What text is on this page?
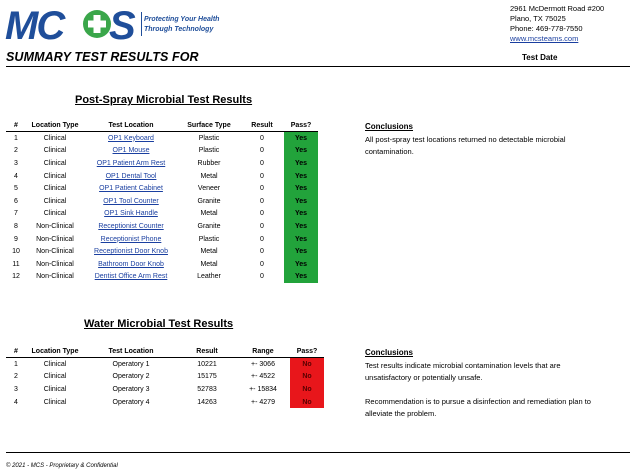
MC S Protecting Your Health
Through Technology
2961 McDermott Road #200
Plano, TX 75025
Phone: 469-778-7550
www.mcsteams.com
SUMMARY TEST RESULTS FOR	Test Date
Post-Spray Microbial Test Results
#	Location Type	Test Location	Surface Type	Result	Pass?
1	Clinical	OP1 Keyboard	Plastic	0	Yes
2	Clinical	OP1 Mouse	Plastic	0	Yes
3	Clinical	OP1 Patient Arm Rest	Rubber	0	Yes
4	Clinical	OP1 Dental Tool	Metal	0	Yes
5	Clinical	OP1 Patient Cabinet	Veneer	0	Yes
6	Clinical	OP1 Tool Counter	Granite	0	Yes
7	Clinical	OP1 Sink Handle	Metal	0	Yes
8	Non-Clinical	Receptionist Counter	Granite	0	Yes
9	Non-Clinical	Receptionist Phone	Plastic	0	Yes
10	Non-Clinical	Receptionist Door Knob	Metal	0	Yes
11	Non-Clinical	Bathroom Door Knob	Metal	0	Yes
12	Non-Clinical	Dentist Office Arm Rest	Leather	0	Yes
Conclusions
All post-spray test locations returned no detectable microbial contamination.
Water Microbial Test Results
#	Location Type	Test Location	Result	Range	Pass?
1	Clinical	Operatory 1	10221	+- 3066	No
2	Clinical	Operatory 2	15175	+- 4522	No
3	Clinical	Operatory 3	52783	+- 15834	No
4	Clinical	Operatory 4	14263	+- 4279	No
Conclusions
Test results indicate microbial contamination levels that are unsatisfactory or potentially unsafe.
Recommendation is to pursue a disinfection and remediation plan to alleviate the problem.
© 2021 - MCS - Proprietary & Confidential
